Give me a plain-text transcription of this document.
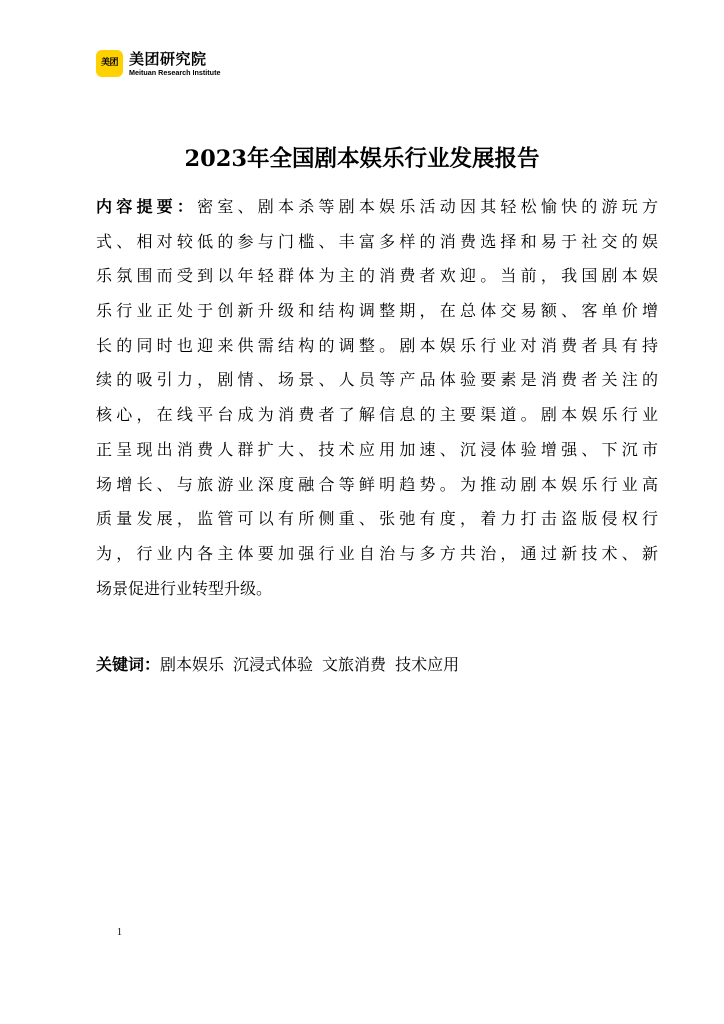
美团 美团研究院
Meituan Research Institute
2023年全国剧本娱乐行业发展报告
内容提要：密室、剧本杀等剧本娱乐活动因其轻松愉快的游玩方
式、相对较低的参与门槛、丰富多样的消费选择和易于社交的娱
乐氛围而受到以年轻群体为主的消费者欢迎。当前，我国剧本娱
乐行业正处于创新升级和结构调整期，在总体交易额、客单价增
长的同时也迎来供需结构的调整。剧本娱乐行业对消费者具有持
续的吸引力，剧情、场景、人员等产品体验要素是消费者关注的
核心，在线平台成为消费者了解信息的主要渠道。剧本娱乐行业
正呈现出消费人群扩大、技术应用加速、沉浸体验增强、下沉市
场增长、与旅游业深度融合等鲜明趋势。为推动剧本娱乐行业高
质量发展，监管可以有所侧重、张弛有度，着力打击盗版侵权行
为，行业内各主体要加强行业自治与多方共治，通过新技术、新
场景促进行业转型升级。
关键词：剧本娱乐 沉浸式体验 文旅消费 技术应用
1
